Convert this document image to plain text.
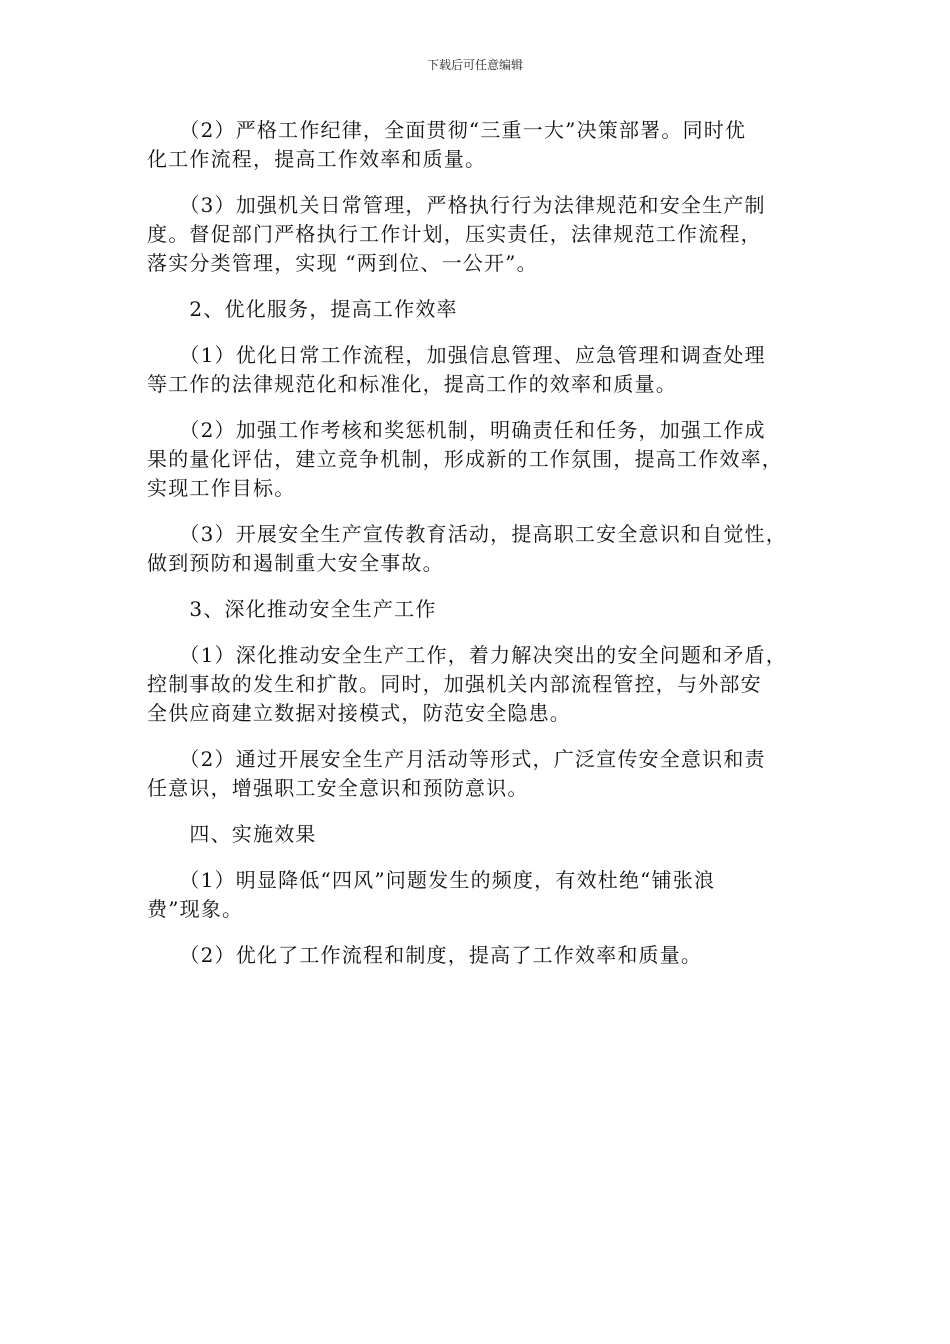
下载后可任意编辑

　　（2）严格工作纪律，全面贯彻“三重一大”决策部署。同时优
化工作流程，提高工作效率和质量。

　　（3）加强机关日常管理，严格执行行为法律规范和安全生产制
度。督促部门严格执行工作计划，压实责任，法律规范工作流程，
落实分类管理，实现 “两到位、一公开”。

　　2、优化服务，提高工作效率

　　（1）优化日常工作流程，加强信息管理、应急管理和调查处理
等工作的法律规范化和标准化，提高工作的效率和质量。

　　（2）加强工作考核和奖惩机制，明确责任和任务，加强工作成
果的量化评估，建立竞争机制，形成新的工作氛围，提高工作效率，
实现工作目标。

　　（3）开展安全生产宣传教育活动，提高职工安全意识和自觉性，
做到预防和遏制重大安全事故。

　　3、深化推动安全生产工作

　　（1）深化推动安全生产工作，着力解决突出的安全问题和矛盾，
控制事故的发生和扩散。同时，加强机关内部流程管控，与外部安
全供应商建立数据对接模式，防范安全隐患。

　　（2）通过开展安全生产月活动等形式，广泛宣传安全意识和责
任意识，增强职工安全意识和预防意识。

　　四、实施效果

　　（1）明显降低“四风”问题发生的频度，有效杜绝“铺张浪
费”现象。

　　（2）优化了工作流程和制度，提高了工作效率和质量。
